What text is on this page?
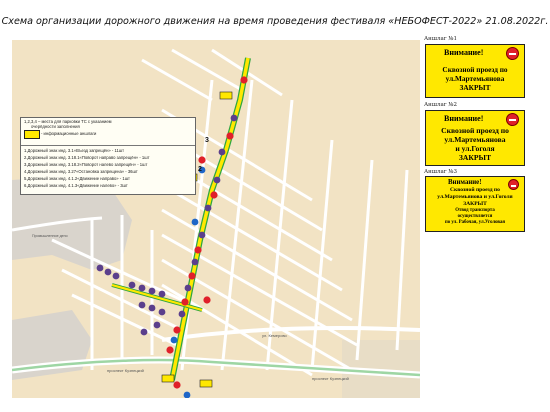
Схема организации дорожного движения на время проведения фестиваля «НЕБОФЕСТ-2022» 21.08.2022г.
3
2
ул. Кемерово
проспект Кузнецкий
проспект Кузнецкий
Промышленное депо
1,2,3,4 – места для парковки ТС с указанием
очерёдности заполнения
- информационные аншлаги
1.Дорожный знак инд. 3.1«Въезд запрещён» - 11шт
2.Дорожный знак инд. 3.18.1«Поворот направо запрещён» - 1шт
3.Дорожный знак инд. 3.18.2«Поворот налево запрещён» - 1шт
4.Дорожный знак инд. 3.27«Остановка запрещена» - 36шт
5.Дорожный знак инд. 4.1.2«Движение направо» - 1шт
6.Дорожный знак инд. 4.1.3«Движение налево» - 3шт
Аншлаг №1
Внимание!
Сквозной проезд по
ул.Мартемьянова
ЗАКРЫТ
Аншлаг №2
Внимание!
Сквозной проезд по
ул.Мартемьянова
и ул.Гоголя
ЗАКРЫТ
Аншлаг №3
Внимание!
Сквозной проезд по
ул.Мартемьянова и ул.Гоголя
ЗАКРЫТ
Отвод транспорта
осуществляется
по ул. Рабочая, ул.Уголовая
